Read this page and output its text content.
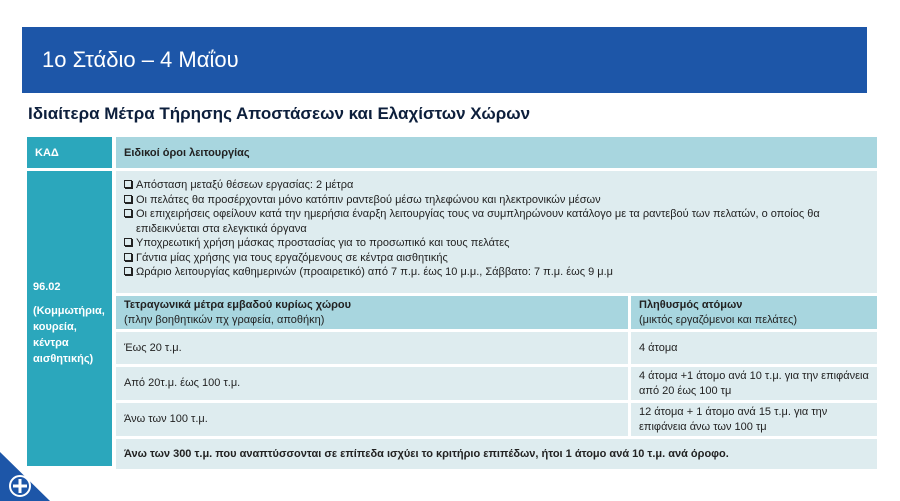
1ο Στάδιο – 4 Μαΐου
Ιδιαίτερα Μέτρα Τήρησης Αποστάσεων και Ελαχίστων Χώρων
ΚΑΔ	Ειδικοί όροι λειτουργίας
96.02
(Κομμωτήρια, κουρεία, κέντρα αισθητικής)
Απόσταση μεταξύ θέσεων εργασίας: 2 μέτρα
Οι πελάτες θα προσέρχονται μόνο κατόπιν ραντεβού μέσω τηλεφώνου και ηλεκτρονικών μέσων
Οι επιχειρήσεις οφείλουν κατά την ημερήσια έναρξη λειτουργίας τους να συμπληρώνουν κατάλογο με τα ραντεβού των πελατών, ο οποίος θα επιδεικνύεται στα ελεγκτικά όργανα
Υποχρεωτική χρήση μάσκας προστασίας για το προσωπικό και τους πελάτες
Γάντια μίας χρήσης για τους εργαζόμενους σε κέντρα αισθητικής
Ωράριο λειτουργίας καθημερινών (προαιρετικό) από 7 π.μ. έως 10 μ.μ., Σάββατο: 7 π.μ. έως 9 μ.μ
Τετραγωνικά μέτρα εμβαδού κυρίως χώρου
(πλην βοηθητικών πχ γραφεία, αποθήκη)
Πληθυσμός ατόμων
(μικτός εργαζόμενοι και πελάτες)
Έως 20 τ.μ.	4 άτομα
Από 20τ.μ. έως 100 τ.μ.
4 άτομα +1 άτομο ανά 10 τ.μ. για την επιφάνεια από 20 έως 100 τμ
Άνω των 100 τ.μ.
12 άτομα + 1 άτομο ανά 15 τ.μ. για την επιφάνεια άνω των 100 τμ
Άνω των 300 τ.μ. που αναπτύσσονται σε επίπεδα ισχύει το κριτήριο επιπέδων, ήτοι 1 άτομο ανά 10 τ.μ. ανά όροφο.
